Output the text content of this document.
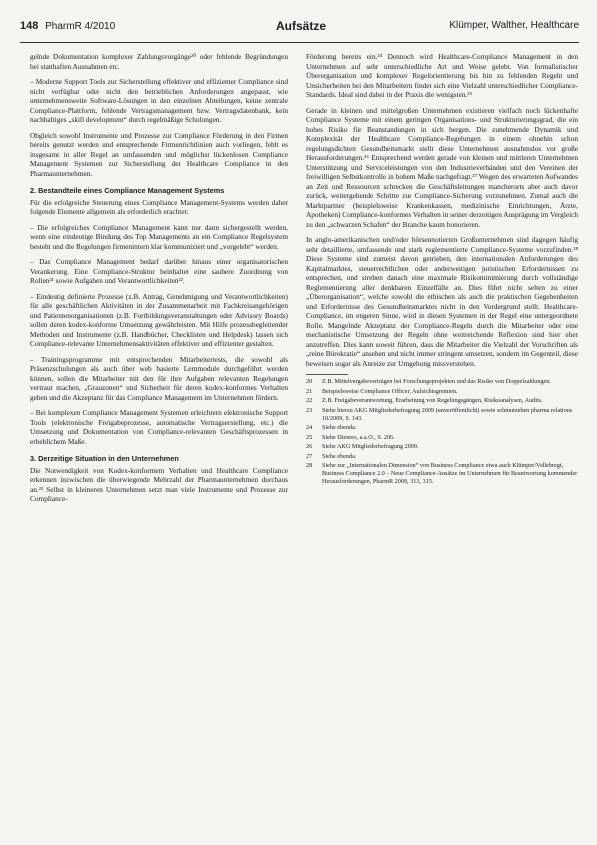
148 PharmR 4/2010	Aufsätze	Klümper, Walther, Healthcare

gelnde Dokumentation komplexer Zahlungsvorgänge²⁰ oder fehlende Begründungen bei statthaften Ausnahmen etc.

– Moderne Support Tools zur Sicherstellung effektiver und effizienter Compliance sind nicht verfügbar oder nicht den betrieblichen Anforderungen angepasst, wie unternehmensweite Software-Lösungen in den einzelnen Abteilungen, keine zentrale Compliance-Plattform, fehlende Vertragsmanagement bzw. Vertragsdatenbank, kein nachhaltiges „skill development“ durch regelmäßige Schulungen.

Obgleich sowohl Instrumente und Prozesse zur Compliance Förderung in den Firmen bereits genutzt werden und entsprechende Firmenrichtlinien auch vorliegen, fehlt es insgesamt in aller Regel an umfassenden und möglichst lückenlosen Compliance Management Systemen zur Sicherstellung der Healthcare Compliance in den Pharmaunternehmen.

2. Bestandteile eines Compliance Management Systems

Für die erfolgreiche Steuerung eines Compliance Management-Systems werden daher folgende Elemente allgemein als erforderlich erachtet:

– Die erfolgreiches Compliance Management kann nur dann sichergestellt werden, wenn eine eindeutige Bindung des Top Managements an ein Compliance Regelsystem besteht und die Regelungen firmenintern klar kommuniziert und „vorgelebt“ werden.

– Das Compliance Management bedarf darüber hinaus einer organisatorischen Verankerung. Eine Compliance-Struktur beinhaltet eine saubere Zuordnung von Rollen²¹ sowie Aufgaben und Verantwortlichkeiten²².

– Eindeutig definierte Prozesse (z.B. Antrag, Genehmigung und Verantwortlichkeiten) für alle geschäftlichen Aktivitäten in der Zusammenarbeit mit Fachkreisangehörigen und Patientenorganisationen (z.B. Fortbildungsveranstaltungen oder Advisory Boards) sollen deren kodex-konforme Umsetzung gewährleisten. Mit Hilfe prozessbegleitender Methoden und Instrumente (z.B. Handbücher, Checklisten und Helpdesk) lassen sich Compliance-relevante Unternehmensaktivitäten effektiver und effizienter gestalten.

– Trainingsprogramme mit entsprechenden Mitarbeitertests, die sowohl als Präsenzschulungen als auch über web basierte Lernmodule durchgeführt werden können, sollen die Mitarbeiter mit den für ihre Aufgaben relevanten Regelungen vertraut machen, „Grauzonen“ und Sicherheit für deren kodex-konformes Verhalten geben und die Akzeptanz für das Compliance Management im Unternehmen fördern.

– Bei komplexen Compliance Management Systemen erleichtern elektronische Support Tools (elektronische Freigabeprozesse, automatische Vertragserstellung, etc.) die Umsetzung und Dokumentation von Compliance-relevanten Geschäftsprozessen in erheblichem Maße.

3. Derzeitige Situation in den Unternehmen

Die Notwendigkeit von Kodex-konformem Verhalten und Healthcare Compliance erkennen inzwischen die überwiegende Mehrzahl der Pharmaunternehmen durchaus an.²³ Selbst in kleineren Unternehmen setzt man viele Instrumente und Prozesse zur Compliance-

Förderung bereits ein.²⁴ Dennoch wird Healthcare-Compliance Management in den Unternehmen auf sehr unterschiedliche Art und Weise gelebt. Von formalistischer Übererganisation und komplexer Regelorientierung bis hin zu fehlenden Regeln und Unsicherheiten bei den Mitarbeitern findet sich eine Vielzahl unterschiedlicher Compliance-Standards. Ideal sind dabei in der Praxis die wenigsten.²⁵

Gerade in kleinen und mittelgroßen Unternehmen existieren vielfach noch lückenhafte Compliance Systeme mit einem geringen Organisations- und Strukturierungsgrad, die ein hohes Risiko für Beanstandungen in sich bergen. Die zunehmende Dynamik und Komplexität der Healthcare Compliance-Regelungen in einem ohnehin schon regelungsdichten Gesundheitsmarkt stellt diese Unternehmen ausnahmslos vor große Herausforderungen.²⁶ Entsprechend werden gerade von kleinen und mittleren Unternehmen Unterstützung und Serviceleistungen von den Industrieverbänden und den Vereinen der freiwilligen Selbstkontrolle in hohem Maße nachgefragt.²⁷ Wegen des erwarteten Aufwandes an Zeit und Ressourcen schrecken die Geschäftsleitungen mancherorts aber auch davor zurück, weitergehende Schritte zur Compliance-Sicherung vorzunehmen. Zumal auch die Marktpartner (beispielsweise Krankenkassen, medizinische Einrichtungen, Ärzte, Apotheken) Compliance-konformes Verhalten in seiner derzeitigen Ausprägung im Vergleich zu den „schwarzen Schafen“ der Branche kaum honorieren.

In anglo-amerikanischen und/oder börsennotierten Großunternehmen sind dagegen häufig sehr detaillierte, umfassende und stark reglementierte Compliance-Systeme vorzufinden.²⁸ Diese Systeme sind zumeist davon getrieben, den internationalen Anforderungen des Kapitalmarktes, steuerrechtlichen oder anderweitigen juristischen Erfordernissen zu entsprechen, und streben danach eine maximale Risikominimierung durch vollständige Reglementierung aller denkbaren Einzelfälle an. Dies führt nicht selten zu einer „Überorganisation“, welche sowohl die ethischen als auch die praktischen Gegebenheiten und Erfordernisse des Gesundheitsmarktes nicht in den Vordergrund stellt. Healthcare-Compliance, im engeren Sinne, wird in diesen Systemen in der Regel eine untergeordnete Rolle. Mangelnde Akzeptanz der Compliance-Regeln durch die Mitarbeiter oder eine mechanistische Umsetzung der Regeln ohne weitreichende Reflexion sind hier eher anzutreffen. Dies kann soweit führen, dass die Mitarbeiter die Vielzahl der Vorschriften als „reine Bürokratie“ ansehen und nicht immer stringent umsetzen, sondern im Gegenteil, diese beweisen sogar als Anreize zur Umgehung missverstehen.

20	Z.B. Mittelvergabeverträgen bei Forschungsprojekten und das Risiko von Doppelzahlungen.
21	Beispielsweise Compliance Officer, Aufsichtsgremien.
22	Z.B. Freigabeverantwortung, Erarbeitung von Regelungsgängen, Risikoanalysen, Audits.
23	Siehe hierzu AKG Mitgliederbefragung 2009 (unveröffentlicht) sowie schmutzeben pharma relations 10/2009, S. 143.
24	Siehe ebenda.
25	Siehe Dieners, a.a.O., S. 206.
26	Siehe AKG Mitgliederbefragung 2009.
27	Siehe ebenda.
28	Siehe zur „Internationalen Dimension“ von Business Compliance etwa auch Klümper/Vollebregt, Business Compliance 2.0 – Neue Compliance-Ansätze im Unternehmen für Beantwortung kommender Herausforderungen, PharmR 2009, 313, 315.
